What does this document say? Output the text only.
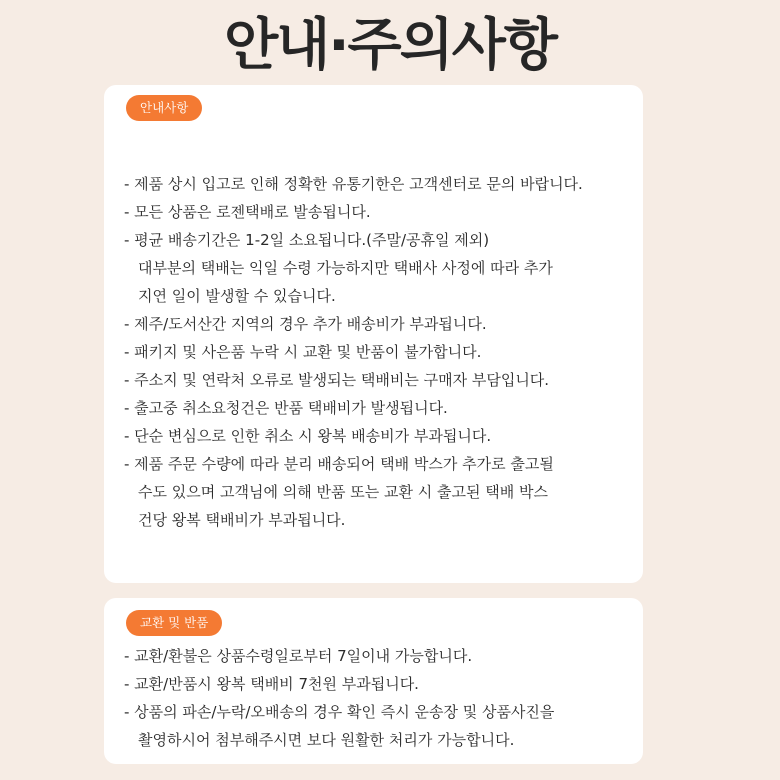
안내·주의사항
안내사항
- 제품 상시 입고로 인해 정확한 유통기한은 고객센터로 문의 바랍니다.
- 모든 상품은 로젠택배로 발송됩니다.
- 평균 배송기간은 1-2일 소요됩니다.(주말/공휴일 제외)
대부분의 택배는 익일 수령 가능하지만 택배사 사정에 따라 추가
지연 일이 발생할 수 있습니다.
- 제주/도서산간 지역의 경우 추가 배송비가 부과됩니다.
- 패키지 및 사은품 누락 시 교환 및 반품이 불가합니다.
- 주소지 및 연락처 오류로 발생되는 택배비는 구매자 부담입니다.
- 출고중 취소요청건은 반품 택배비가 발생됩니다.
- 단순 변심으로 인한 취소 시 왕복 배송비가 부과됩니다.
- 제품 주문 수량에 따라 분리 배송되어 택배 박스가 추가로 출고될
수도 있으며 고객님에 의해 반품 또는 교환 시 출고된 택배 박스
건당 왕복 택배비가 부과됩니다.
교환 및 반품
- 교환/환불은 상품수령일로부터 7일이내 가능합니다.
- 교환/반품시 왕복 택배비 7천원 부과됩니다.
- 상품의 파손/누락/오배송의 경우 확인 즉시 운송장 및 상품사진을
촬영하시어 첨부해주시면 보다 원활한 처리가 가능합니다.
